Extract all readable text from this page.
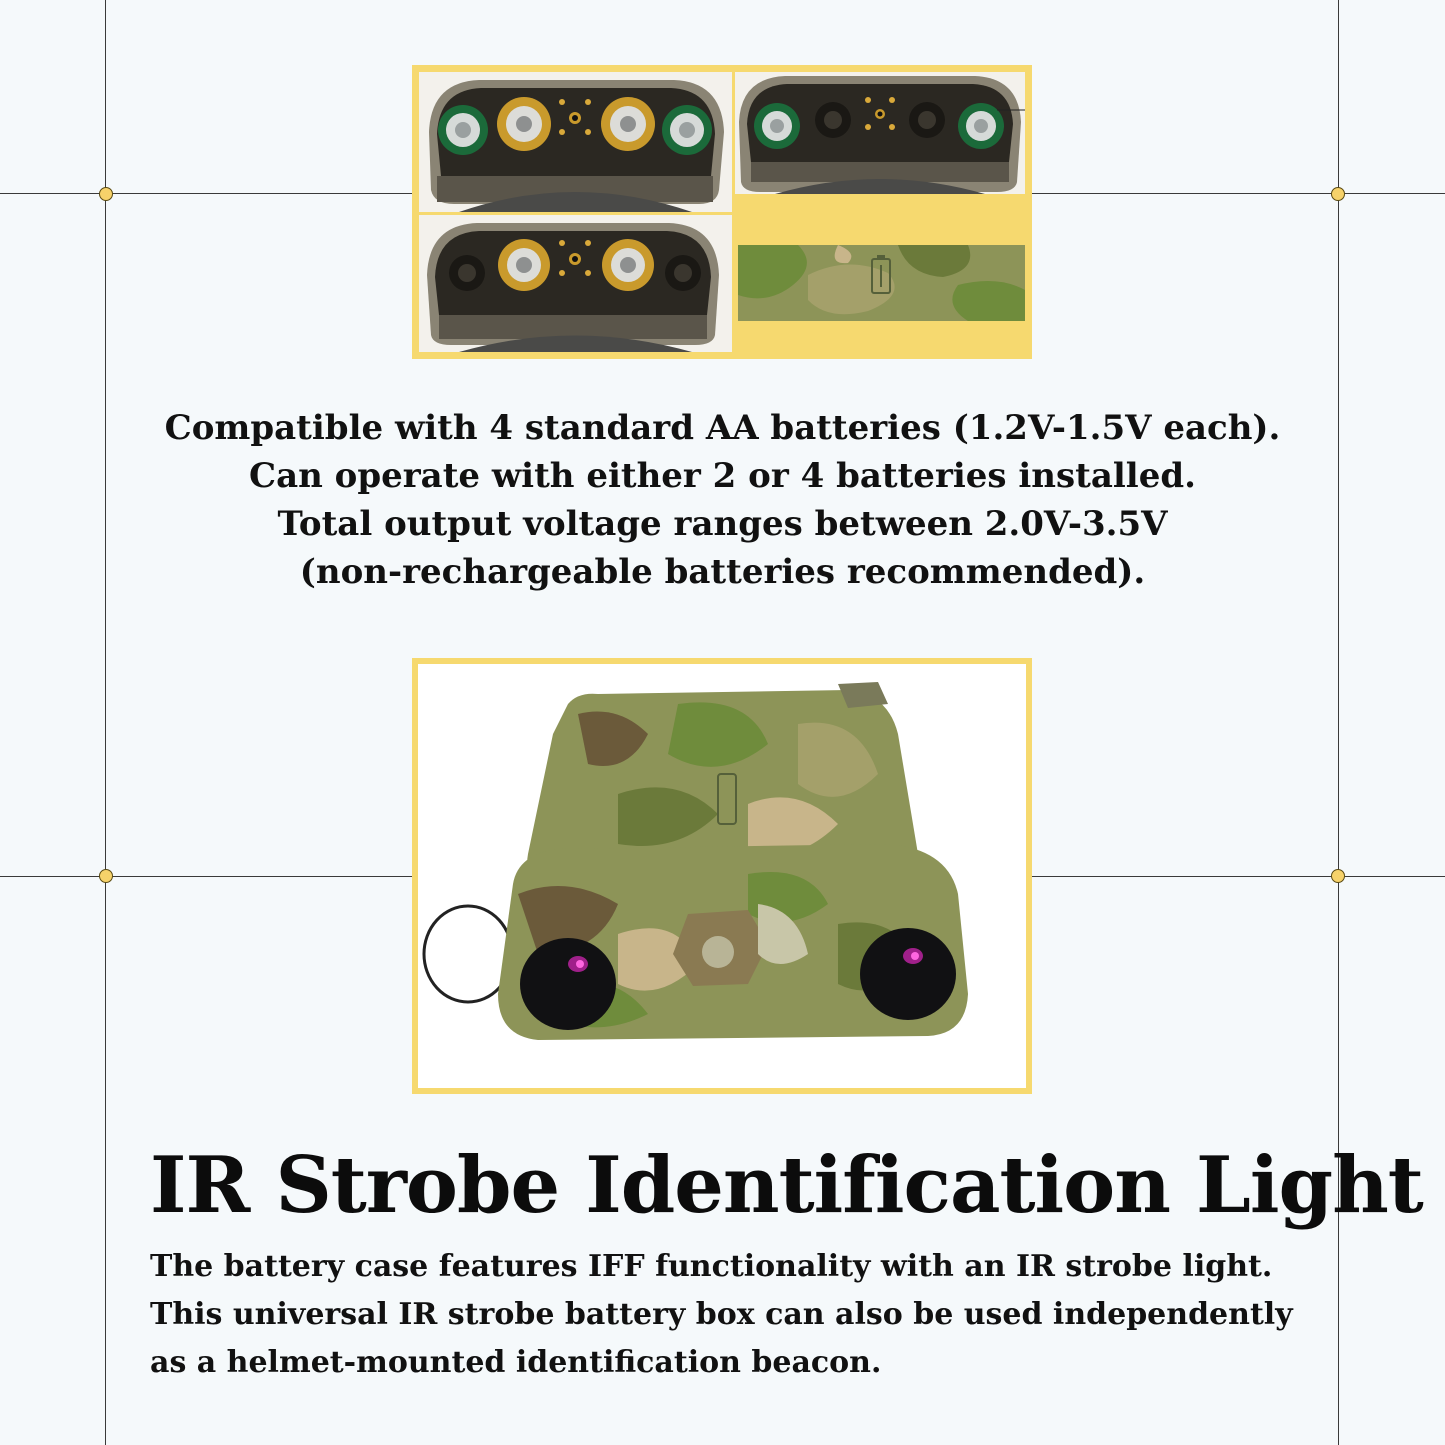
Compatible with 4 standard AA batteries (1.2V-1.5V each).
Can operate with either 2 or 4 batteries installed.
Total output voltage ranges between 2.0V-3.5V
(non-rechargeable batteries recommended).
IR Strobe Identification Light
The battery case features IFF functionality with an IR strobe light.
This universal IR strobe battery box can also be used independently
as a helmet-mounted identification beacon.
